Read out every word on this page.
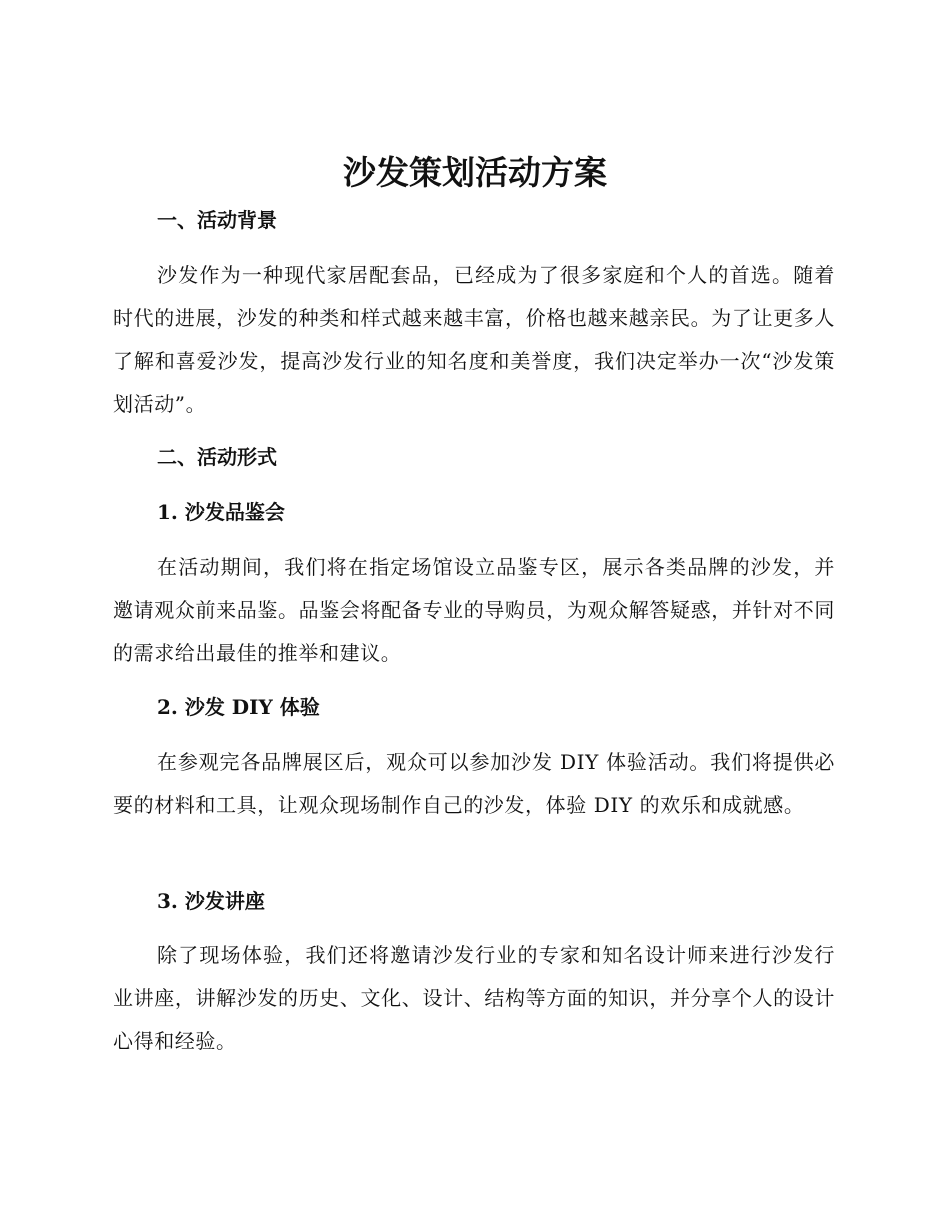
沙发策划活动方案
一、活动背景
沙发作为一种现代家居配套品，已经成为了很多家庭和个人的首选。随着时代的进展，沙发的种类和样式越来越丰富，价格也越来越亲民。为了让更多人了解和喜爱沙发，提高沙发行业的知名度和美誉度，我们决定举办一次“沙发策划活动”。
二、活动形式
1. 沙发品鉴会
在活动期间，我们将在指定场馆设立品鉴专区，展示各类品牌的沙发，并邀请观众前来品鉴。品鉴会将配备专业的导购员，为观众解答疑惑，并针对不同的需求给出最佳的推举和建议。
2. 沙发 DIY 体验
在参观完各品牌展区后，观众可以参加沙发 DIY 体验活动。我们将提供必要的材料和工具，让观众现场制作自己的沙发，体验 DIY 的欢乐和成就感。
3. 沙发讲座
除了现场体验，我们还将邀请沙发行业的专家和知名设计师来进行沙发行业讲座，讲解沙发的历史、文化、设计、结构等方面的知识，并分享个人的设计心得和经验。
